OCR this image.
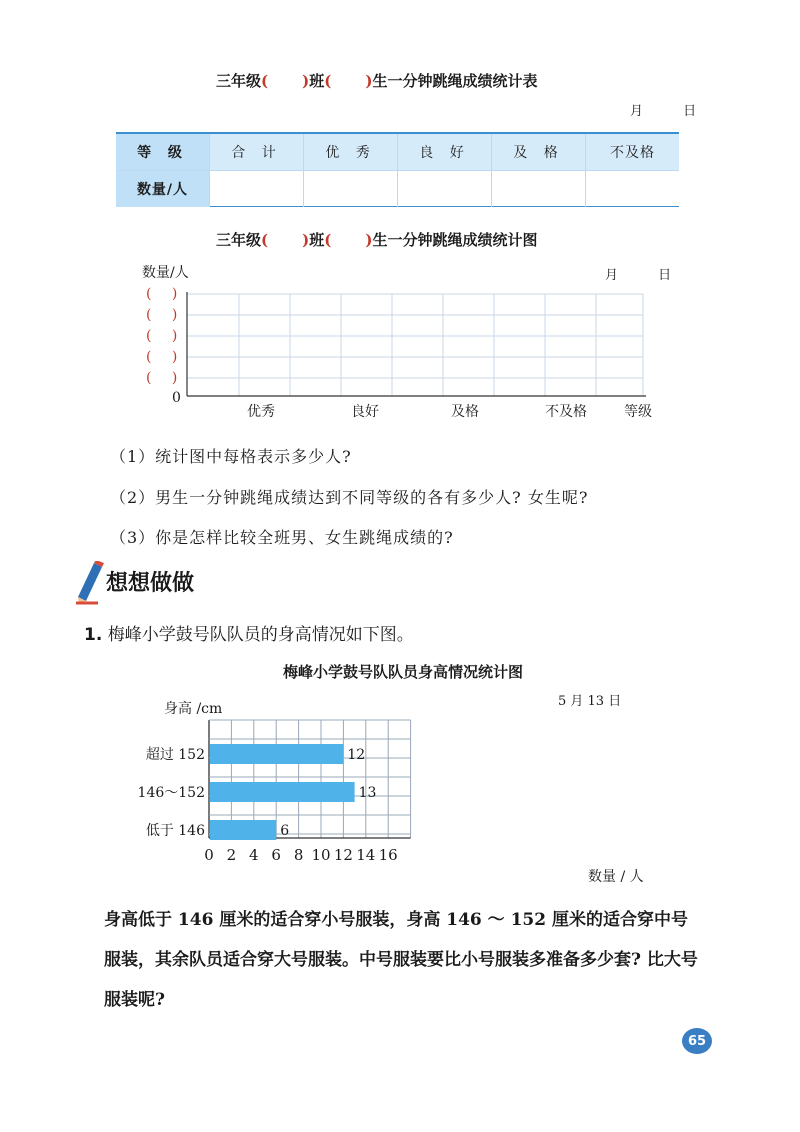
三年级( )班( )生一分钟跳绳成绩统计表
月 日
等 级	合 计	优 秀	良 好	及 格	不及格
数量/人
三年级( )班( )生一分钟跳绳成绩统计图
数量/人	月 日
( )
( )
( )
( )
( )
0
优秀	良好	及格	不及格	等级
（1）统计图中每格表示多少人?
（2）男生一分钟跳绳成绩达到不同等级的各有多少人? 女生呢?
（3）你是怎样比较全班男、女生跳绳成绩的?
想想做做
1. 梅峰小学鼓号队队员的身高情况如下图。
梅峰小学鼓号队队员身高情况统计图
身高 /cm	5 月 13 日
12
13
6
超过 152
146～152
低于 146
0 2 4 6 8 10 12 14 16
数量 / 人
身高低于 146 厘米的适合穿小号服装，身高 146 ～ 152 厘米的适合穿中号服装，其余队员适合穿大号服装。中号服装要比小号服装多准备多少套? 比大号服装呢?
65
